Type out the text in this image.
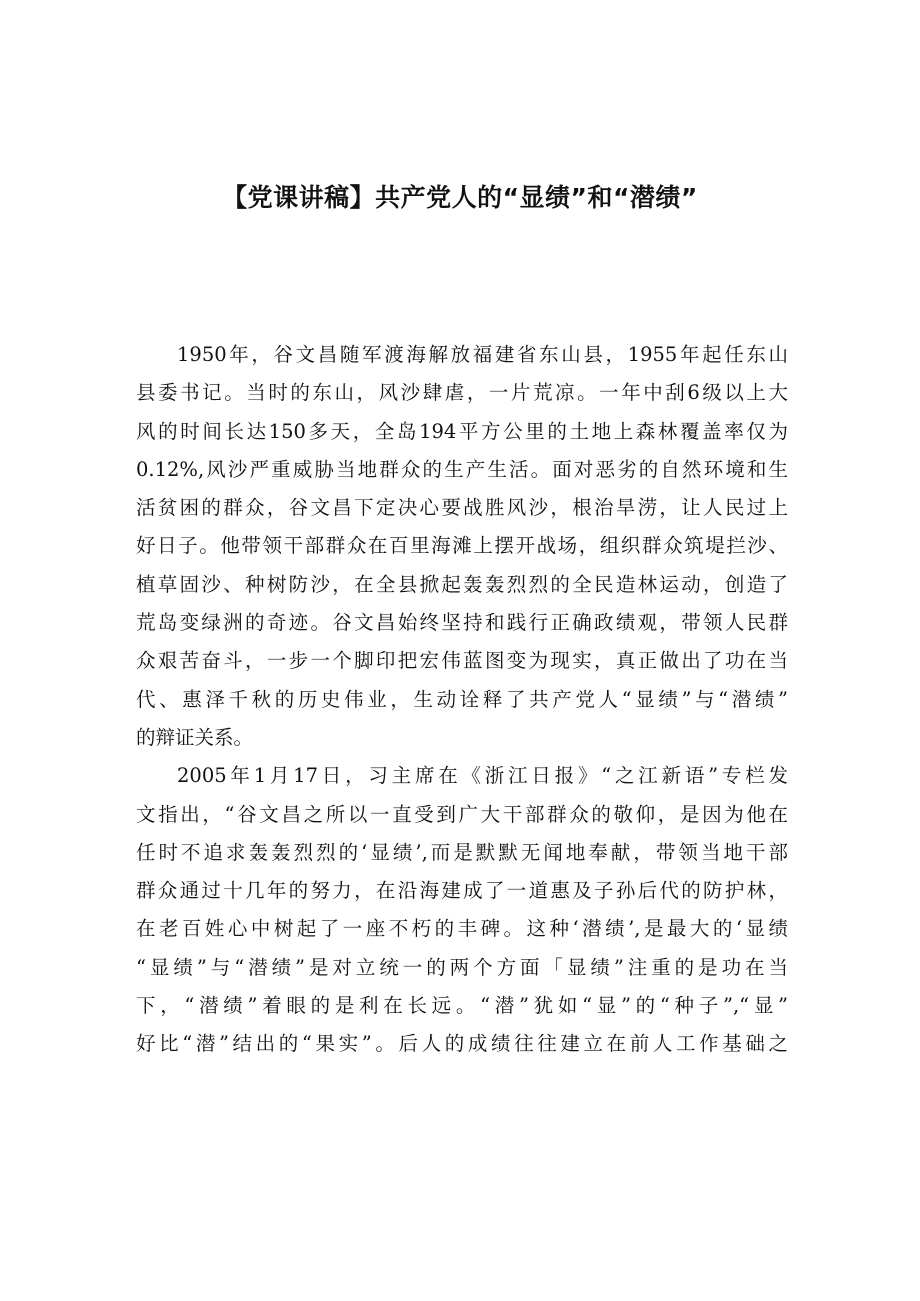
【党课讲稿】共产党人的“显绩”和“潜绩”
1950年，谷文昌随军渡海解放福建省东山县，1955年起任东山
县委书记。当时的东山，风沙肆虐，一片荒凉。一年中刮6级以上大
风的时间长达150多天，全岛194平方公里的土地上森林覆盖率仅为
0.12%,风沙严重威胁当地群众的生产生活。面对恶劣的自然环境和生
活贫困的群众，谷文昌下定决心要战胜风沙，根治旱涝，让人民过上
好日子。他带领干部群众在百里海滩上摆开战场，组织群众筑堤拦沙、
植草固沙、种树防沙，在全县掀起轰轰烈烈的全民造林运动，创造了
荒岛变绿洲的奇迹。谷文昌始终坚持和践行正确政绩观，带领人民群
众艰苦奋斗，一步一个脚印把宏伟蓝图变为现实，真正做出了功在当
代、惠泽千秋的历史伟业，生动诠释了共产党人“显绩”与“潜绩”
的辩证关系。
2005年1月17日，习主席在《浙江日报》“之江新语”专栏发
文指出，“谷文昌之所以一直受到广大干部群众的敬仰，是因为他在
任时不追求轰轰烈烈的‘显绩’,而是默默无闻地奉献，带领当地干部
群众通过十几年的努力，在沿海建成了一道惠及子孙后代的防护林，
在老百姓心中树起了一座不朽的丰碑。这种‘潜绩’,是最大的‘显绩
“显绩”与“潜绩”是对立统一的两个方面「显绩”注重的是功在当
下，“潜绩”着眼的是利在长远。“潜”犹如“显”的“种子”,“显”
好比“潜”结出的“果实”。后人的成绩往往建立在前人工作基础之
